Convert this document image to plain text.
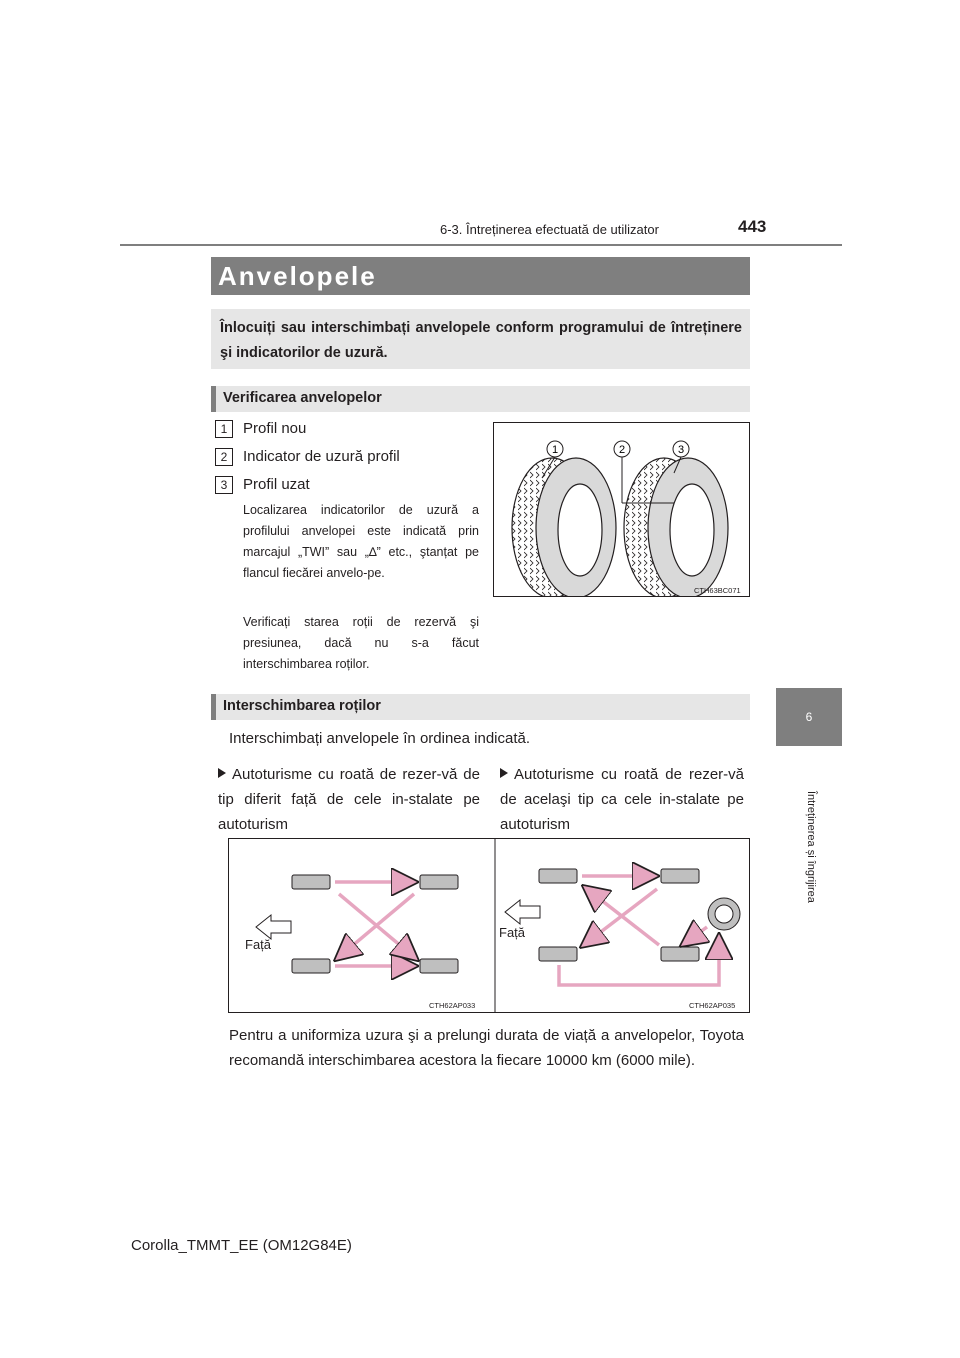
6-3. Întreținerea efectuată de utilizator	443
6
Întreținerea și îngrijirea
Anvelopele
Înlocuiți sau interschimbați anvelopele conform programului de întreținere şi indicatorilor de uzură.
Verificarea anvelopelor
1	Profil nou
2	Indicator de uzură profil
3	Profil uzat
Localizarea indicatorilor de uzură a profilului anvelopei este indicată prin marcajul „TWI” sau „∆” etc., ştanțat pe flancul fiecărei anvelo-pe.
Verificați starea roții de rezervă şi presiunea, dacă nu s-a făcut interschimbarea roților.
1	2	3
CTH63BC071
Interschimbarea roților
Interschimbați anvelopele în ordinea indicată.
Autoturisme cu roată de rezer-vă de tip diferit față de cele in-stalate pe autoturism
Autoturisme cu roată de rezer-vă de acelaşi tip ca cele in-stalate pe autoturism
Față
Față
CTH62AP033	CTH62AP035
Pentru a uniformiza uzura şi a prelungi durata de viață a anvelopelor, Toyota recomandă interschimbarea acestora la fiecare 10000 km (6000 mile).
Corolla_TMMT_EE (OM12G84E)
